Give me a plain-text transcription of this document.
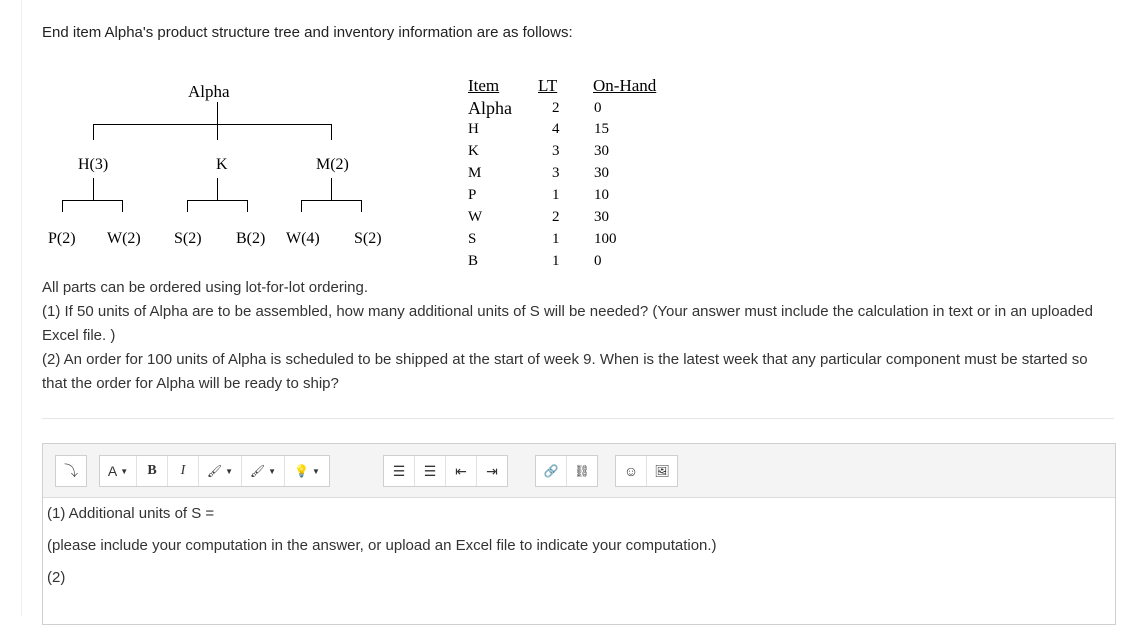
End item Alpha's product structure tree and inventory information are as follows:
Alpha
H(3)	K	M(2)
P(2) W(2) S(2) B(2) W(4) S(2)
Item LT On-Hand
Alpha	2 0
H	4 15
K	3 30
M	3 30
P	1 10
W	2 30
S	1 100
B	1 0

All parts can be ordered using lot-for-lot ordering.

(1) If 50 units of Alpha are to be assembled, how many additional units of S will be needed? (Your answer must include the calculation in text or in an uploaded Excel file. )

(2) An order for 100 units of Alpha is scheduled to be shipped at the start of week 9. When is the latest week that any particular component must be started so that the order for Alpha will be ready to ship?

⤵ A ▼ B I 🖌 ▼ 🖌 ▼ 💡 ▼	☰ ☰ ⇤ ⇥	🔗 ⛓ ☺ 🖼

(1) Additional units of S =

(please include your computation in the answer, or upload an Excel file to indicate your computation.)

(2)
